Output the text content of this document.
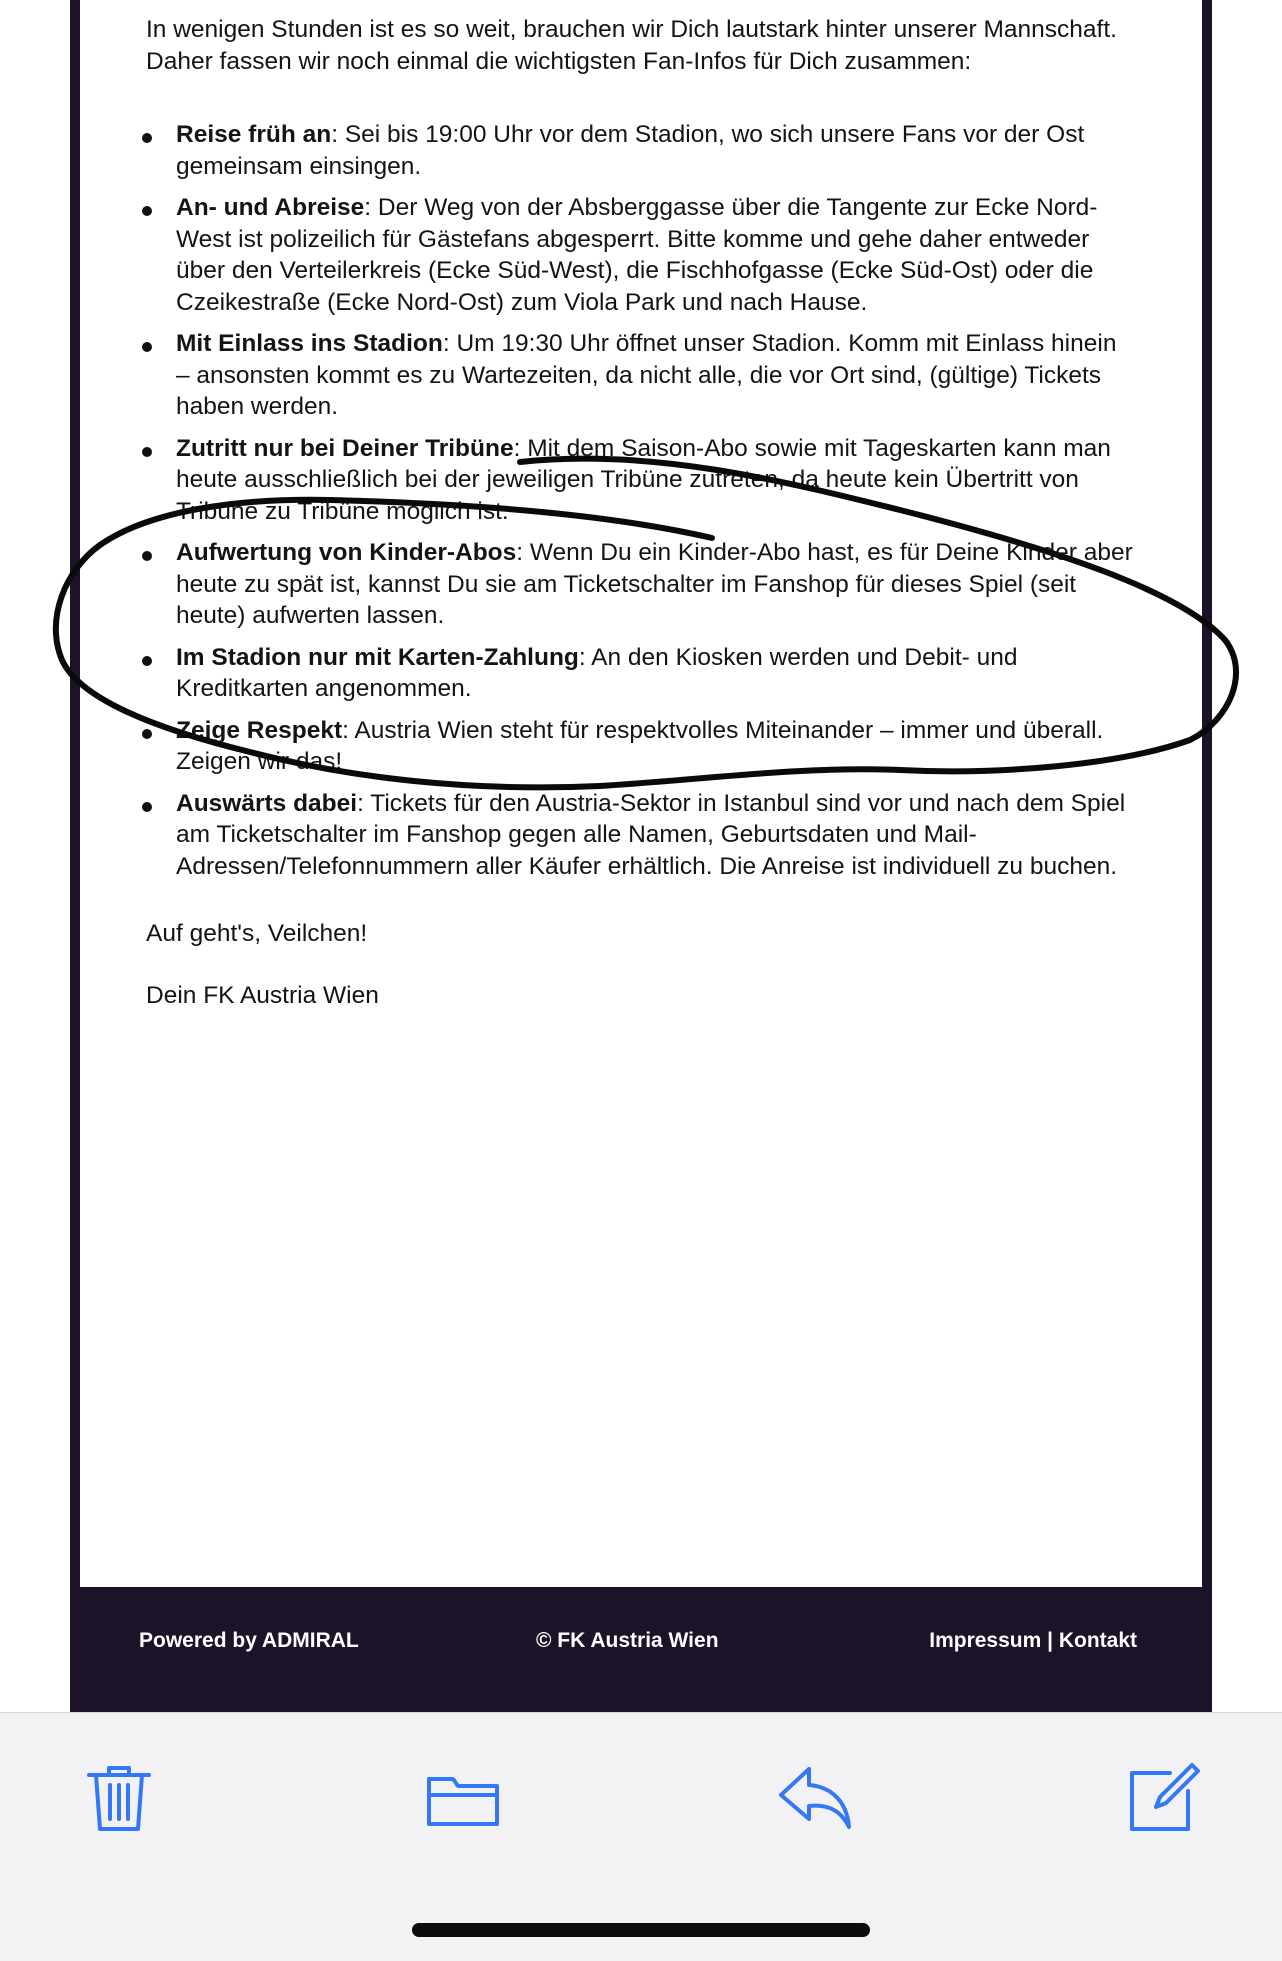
In wenigen Stunden ist es so weit, brauchen wir Dich lautstark hinter unserer Mannschaft. Daher fassen wir noch einmal die wichtigsten Fan-Infos für Dich zusammen:

Reise früh an: Sei bis 19:00 Uhr vor dem Stadion, wo sich unsere Fans vor der Ost gemeinsam einsingen.
An- und Abreise: Der Weg von der Absberggasse über die Tangente zur Ecke Nord-West ist polizeilich für Gästefans abgesperrt. Bitte komme und gehe daher entweder über den Verteilerkreis (Ecke Süd-West), die Fischhofgasse (Ecke Süd-Ost) oder die Czeikestraße (Ecke Nord-Ost) zum Viola Park und nach Hause.
Mit Einlass ins Stadion: Um 19:30 Uhr öffnet unser Stadion. Komm mit Einlass hinein – ansonsten kommt es zu Wartezeiten, da nicht alle, die vor Ort sind, (gültige) Tickets haben werden.
Zutritt nur bei Deiner Tribüne: Mit dem Saison-Abo sowie mit Tageskarten kann man heute ausschließlich bei der jeweiligen Tribüne zutreten, da heute kein Übertritt von Tribüne zu Tribüne möglich ist.
Aufwertung von Kinder-Abos: Wenn Du ein Kinder-Abo hast, es für Deine Kinder aber heute zu spät ist, kannst Du sie am Ticketschalter im Fanshop für dieses Spiel (seit heute) aufwerten lassen.
Im Stadion nur mit Karten-Zahlung: An den Kiosken werden und Debit- und Kreditkarten angenommen.
Zeige Respekt: Austria Wien steht für respektvolles Miteinander – immer und überall. Zeigen wir das!
Auswärts dabei: Tickets für den Austria-Sektor in Istanbul sind vor und nach dem Spiel am Ticketschalter im Fanshop gegen alle Namen, Geburtsdaten und Mail-Adressen/Telefonnummern aller Käufer erhältlich. Die Anreise ist individuell zu buchen.

Auf geht's, Veilchen!

Dein FK Austria Wien

Powered by ADMIRAL	© FK Austria Wien	Impressum | Kontakt
